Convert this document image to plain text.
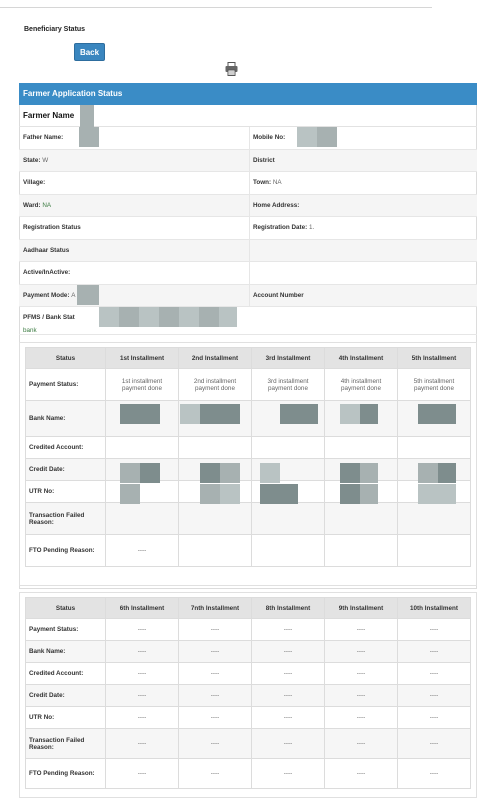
Beneficiary Status
Back
Farmer Application Status
Farmer Name
Father Name:	Mobile No:
State: W	District
Village:	Town: NA
Ward: NA	Home Address:
Registration Status	Registration Date: 1.
Aadhaar Status
Active/InActive:
Payment Mode: A	Account Number
PFMS / Bank Stat
bank
Status	1st Installment	2nd Installment	3rd Installment	4th Installment	5th Installment
Payment Status:	1st installment payment done	2nd installment payment done	3rd installment payment done	4th installment payment done	5th installment payment done
Bank Name:					
Credited Account:					
Credit Date:					
UTR No:					
Transaction Failed Reason:					
FTO Pending Reason:	----				
Status	6th Installment	7nth Installment	8th Installment	9th Installment	10th Installment
Payment Status:	----	----	----	----	----
Bank Name:	----	----	----	----	----
Credited Account:	----	----	----	----	----
Credit Date:	----	----	----	----	----
UTR No:	----	----	----	----	----
Transaction Failed Reason:	----	----	----	----	----
FTO Pending Reason:	----	----	----	----	----
